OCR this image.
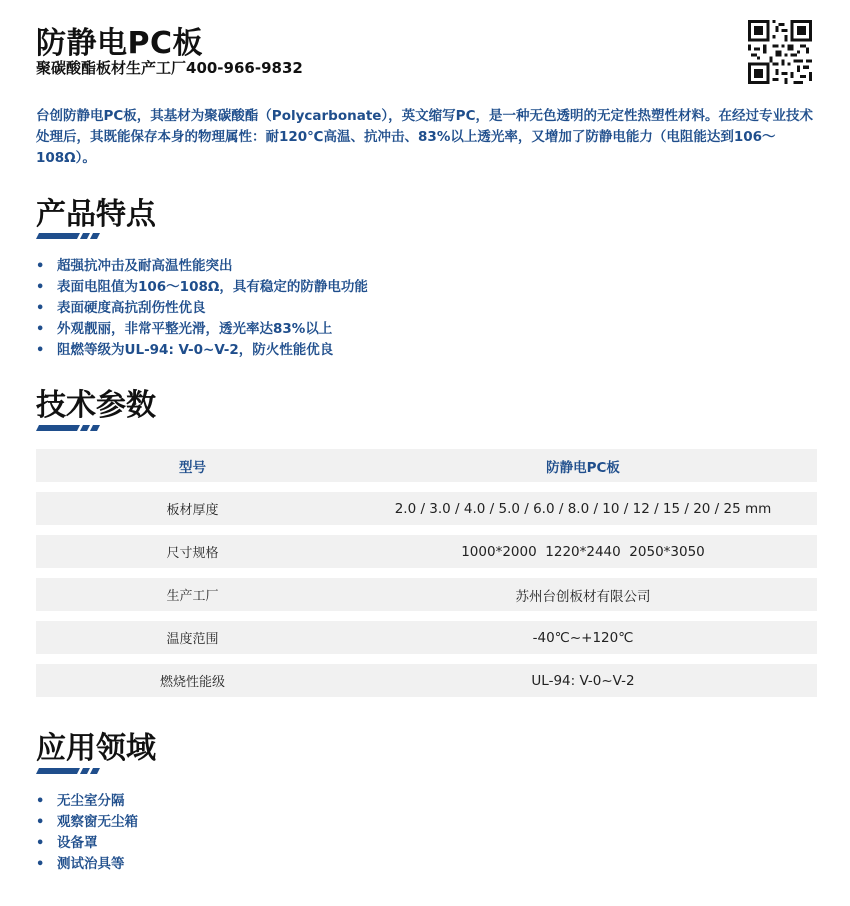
防静电PC板
聚碳酸酯板材生产工厂400-966-9832
台创防静电PC板，其基材为聚碳酸酯（Polycarbonate），英文缩写PC，是一种无色透明的无定性热塑性材料。在经过专业技术处理后，其既能保存本身的物理属性：耐120℃高温、抗冲击、83%以上透光率，又增加了防静电能力（电阻能达到106～108Ω）。
产品特点
• 超强抗冲击及耐高温性能突出
• 表面电阻值为106～108Ω，具有稳定的防静电功能
• 表面硬度高抗刮伤性优良
• 外观靓丽，非常平整光滑，透光率达83%以上
• 阻燃等级为UL-94: V-0~V-2，防火性能优良
技术参数
型号	防静电PC板
板材厚度	2.0 / 3.0 / 4.0 / 5.0 / 6.0 / 8.0 / 10 / 12 / 15 / 20 / 25 mm
尺寸规格	1000*2000  1220*2440  2050*3050
生产工厂	苏州台创板材有限公司
温度范围	-40℃~+120℃
燃烧性能级	UL-94: V-0~V-2
应用领域
• 无尘室分隔
• 观察窗无尘箱
• 设备罩
• 测试治具等
